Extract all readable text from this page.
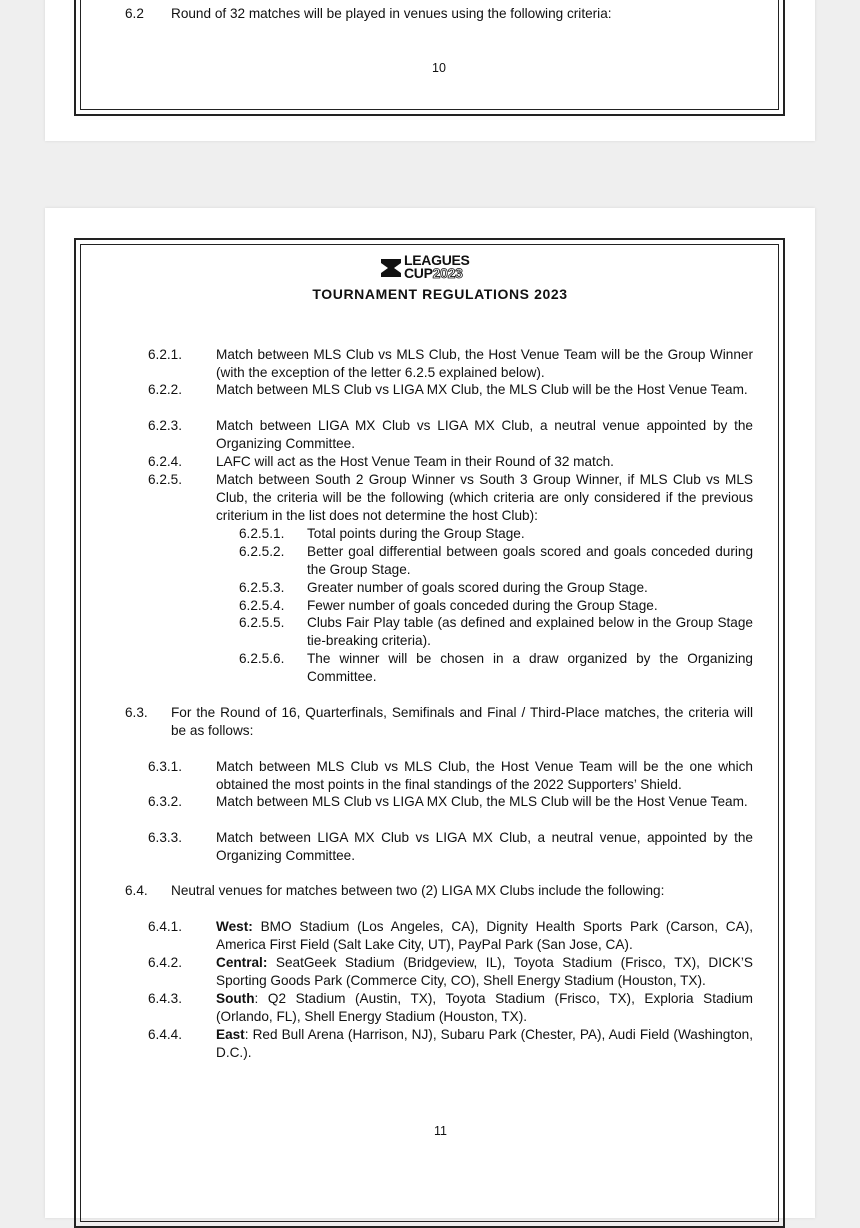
6.2 Round of 32 matches will be played in venues using the following criteria:
10
LEAGUES
CUP2023
TOURNAMENT REGULATIONS 2023
6.2.1. Match between MLS Club vs MLS Club, the Host Venue Team will be the Group Winner (with the exception of the letter 6.2.5 explained below).
6.2.2. Match between MLS Club vs LIGA MX Club, the MLS Club will be the Host Venue Team.
6.2.3. Match between LIGA MX Club vs LIGA MX Club, a neutral venue appointed by the Organizing Committee.
6.2.4. LAFC will act as the Host Venue Team in their Round of 32 match.
6.2.5. Match between South 2 Group Winner vs South 3 Group Winner, if MLS Club vs MLS Club, the criteria will be the following (which criteria are only considered if the previous criterium in the list does not determine the host Club):
6.2.5.1. Total points during the Group Stage.
6.2.5.2. Better goal differential between goals scored and goals conceded during the Group Stage.
6.2.5.3. Greater number of goals scored during the Group Stage.
6.2.5.4. Fewer number of goals conceded during the Group Stage.
6.2.5.5. Clubs Fair Play table (as defined and explained below in the Group Stage tie-breaking criteria).
6.2.5.6. The winner will be chosen in a draw organized by the Organizing Committee.
6.3. For the Round of 16, Quarterfinals, Semifinals and Final / Third-Place matches, the criteria will be as follows:
6.3.1. Match between MLS Club vs MLS Club, the Host Venue Team will be the one which obtained the most points in the final standings of the 2022 Supporters’ Shield.
6.3.2. Match between MLS Club vs LIGA MX Club, the MLS Club will be the Host Venue Team.
6.3.3. Match between LIGA MX Club vs LIGA MX Club, a neutral venue, appointed by the Organizing Committee.
6.4. Neutral venues for matches between two (2) LIGA MX Clubs include the following:
6.4.1. West: BMO Stadium (Los Angeles, CA), Dignity Health Sports Park (Carson, CA), America First Field (Salt Lake City, UT), PayPal Park (San Jose, CA).
6.4.2. Central: SeatGeek Stadium (Bridgeview, IL), Toyota Stadium (Frisco, TX), DICK’S Sporting Goods Park (Commerce City, CO), Shell Energy Stadium (Houston, TX).
6.4.3. South: Q2 Stadium (Austin, TX), Toyota Stadium (Frisco, TX), Exploria Stadium (Orlando, FL), Shell Energy Stadium (Houston, TX).
6.4.4. East: Red Bull Arena (Harrison, NJ), Subaru Park (Chester, PA), Audi Field (Washington, D.C.).
11
